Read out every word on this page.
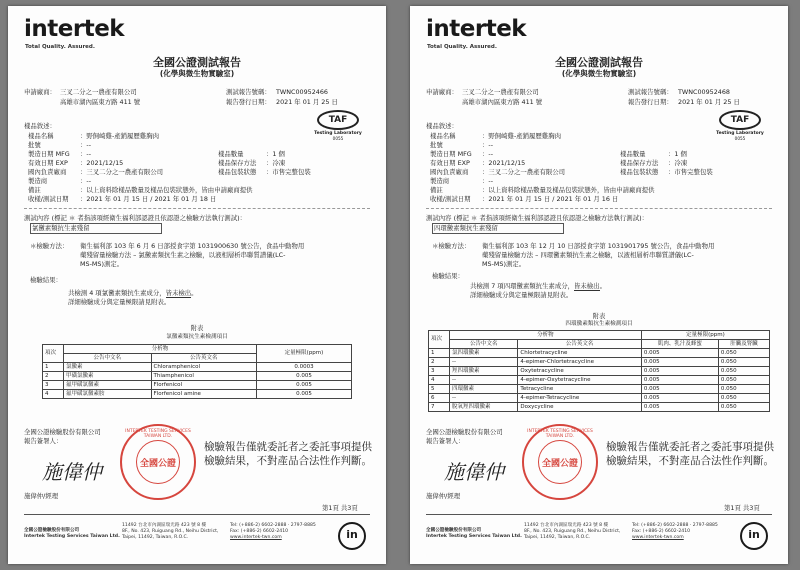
intertek
Total Quality. Assured.
全國公證測試報告
(化學與微生物實驗室)
申請廠商： 三叉二分之一農產有限公司
高雄市湖內區東方路 411 號
測試報告號碼： TWNC00952466
報告發行日期： 2021 年 01 月 25 日
TAF
Testing Laboratory
0055
樣品敘述：
樣品名稱	：野飼崎雞-產銷履歷雞胸肉
批號	：--
製造日期 MFG ：--
有效日期 EXP ：2021/12/15
國內負責廠商 ：三叉二分之一農產有限公司
製造商	：--
備註	：以上資料除樣品數量及樣品包裝狀態外，皆由申請廠商提供
收樣/測試日期 ：2021 年 01 月 15 日 / 2021 年 01 月 18 日
樣品數量	：1 個
樣品保存方法 ：冷凍
樣品包裝狀態 ：市售完整包裝
測試內容 (標記 ＊ 者指該項經衛生福利部認證且依認證之檢驗方法執行測試)：
氯黴素類抗生素殘留
＊檢驗方法： 衛生福利部 103 年 6 月 6 日部授食字第 1031900630 號公告，食品中動物用
藥殘留量檢驗方法 – 氯黴素類抗生素之檢驗，以液相層析串聯質譜儀(LC-
MS-MS)測定。
檢驗結果：
共檢測 4 項氯黴素類抗生素成分，皆未檢出。
詳細檢驗成分與定量極限請見附表。
附表
氯黴素類抗生素檢測項目
項次	分析物		定量極限(ppm)
	公告中文名	公告英文名	
1	氯黴素	Chloramphenicol	0.0003
2	甲磺氯黴素	Thiamphenicol	0.005
3	氟甲磺氯黴素	Florfenicol	0.005
4	氟甲磺氯黴素胺	Florfenicol amine	0.005
全國公證檢驗股份有限公司
報告簽署人：
施偉仲
INTERTEK TESTING SERVICES TAIWAN LTD.
全國公證
檢驗報告僅就委託者之委託事項提供
檢驗結果，不對產品合法性作判斷。
施偉仲/經理
第1頁 共3頁
全國公證檢驗股份有限公司
Intertek Testing Services Taiwan Ltd.
11492 台北市內湖區瑞光路 423 號 8 樓
8F., No. 423, Ruiguang Rd., Neihu District,
Taipei, 11492, Taiwan, R.O.C.
Tel: (+886-2) 6602-2888 · 2797-8885
Fax: (+886-2) 6602-2410
www.intertek-twn.com	in
intertek
Total Quality. Assured.
全國公證測試報告
(化學與微生物實驗室)
申請廠商： 三叉二分之一農產有限公司
高雄市湖內區東方路 411 號
測試報告號碼： TWNC00952468
報告發行日期： 2021 年 01 月 25 日
TAF
Testing Laboratory
0055
樣品敘述：
樣品名稱	：野飼崎雞-產銷履歷雞胸肉
批號	：--
製造日期 MFG ：--
有效日期 EXP ：2021/12/15
國內負責廠商 ：三叉二分之一農產有限公司
製造商	：--
備註	：以上資料除樣品數量及樣品包裝狀態外，皆由申請廠商提供
收樣/測試日期 ：2021 年 01 月 15 日 / 2021 年 01 月 16 日
樣品數量	：1 個
樣品保存方法 ：冷凍
樣品包裝狀態 ：市售完整包裝
測試內容 (標記 ＊ 者指該項經衛生福利部認證且依認證之檢驗方法執行測試)：
四環黴素類抗生素殘留
＊檢驗方法： 衛生福利部 103 年 12 月 10 日部授食字第 1031901795 號公告，食品中動物用
藥殘留量檢驗方法 – 四環黴素類抗生素之檢驗，以液相層析串聯質譜儀(LC-
MS-MS)測定。
檢驗結果：
共檢測 7 項四環黴素類抗生素成分，皆未檢出。
詳細檢驗成分與定量極限請見附表。
附表
四環黴素類抗生素檢測項目
項次	分析物		定量極限(ppm)	
	公告中文名	公告英文名	肌肉、乳汁及蜂蜜	肝臟及腎臟
1	氯四環黴素	Chlortetracycline	0.005	0.050
2	--	4-epimer-Chlortetracycline	0.005	0.050
3	羥四環黴素	Oxytetracycline	0.005	0.050
4	--	4-epimer-Oxytetracycline	0.005	0.050
5	四環黴素	Tetracycline	0.005	0.050
6	--	4-epimer-Tetracycline	0.005	0.050
7	脫氧羥四環黴素	Doxycycline	0.005	0.050
全國公證檢驗股份有限公司
報告簽署人：
施偉仲
INTERTEK TESTING SERVICES TAIWAN LTD.
全國公證
檢驗報告僅就委託者之委託事項提供
檢驗結果，不對產品合法性作判斷。
施偉仲/經理
第1頁 共3頁
全國公證檢驗股份有限公司
Intertek Testing Services Taiwan Ltd.
11492 台北市內湖區瑞光路 423 號 8 樓
8F., No. 423, Ruiguang Rd., Neihu District,
Taipei, 11492, Taiwan, R.O.C.
Tel: (+886-2) 6602-2888 · 2797-8885
Fax: (+886-2) 6602-2410
www.intertek-twn.com	in
